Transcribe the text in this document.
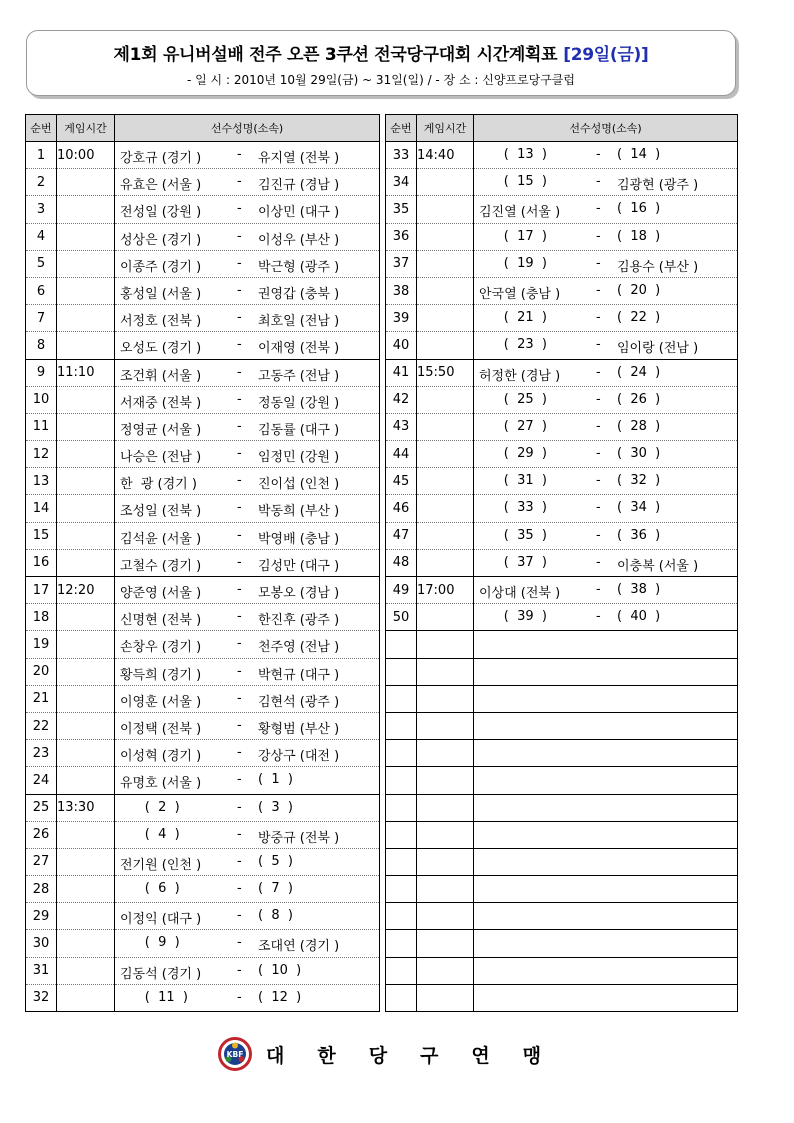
제1회 유니버설배 전주 오픈 3쿠션 전국당구대회 시간계획표 [29일(금)]
- 일 시 : 2010년 10월 29일(금) ~ 31일(일) / - 장 소 : 신양프로당구클럽
순번	게임시간	선수성명(소속)
1	10:00	강호규 (경기 ) - 유지열 (전북 )

2		유효은 (서울 ) - 김진규 (경남 )

3		전성일 (강원 ) - 이상민 (대구 )

4		성상은 (경기 ) - 이성우 (부산 )

5		이종주 (경기 ) - 박근형 (광주 )

6		홍성일 (서울 ) - 권영갑 (충북 )

7		서정호 (전북 ) - 최호일 (전남 )

8		오성도 (경기 ) - 이재영 (전북 )

9	11:10	조건휘 (서울 ) - 고동주 (전남 )

10		서재중 (전북 ) - 정동일 (강원 )

11		정영균 (서울 ) - 김동률 (대구 )

12		나승은 (전남 ) - 임정민 (강원 )

13		한  광 (경기 ) - 진이섭 (인천 )

14		조성일 (전북 ) - 박동희 (부산 )

15		김석윤 (서울 ) - 박영배 (충남 )

16		고철수 (경기 ) - 김성만 (대구 )

17	12:20	양준영 (서울 ) - 모봉오 (경남 )

18		신명현 (전북 ) - 한진후 (광주 )

19		손창우 (경기 ) - 천주영 (전남 )

20		황득희 (경기 ) - 박현규 (대구 )

21		이영훈 (서울 ) - 김현석 (광주 )

22		이정택 (전북 ) - 황형범 (부산 )

23		이성혁 (경기 ) - 강상구 (대전 )

24		유명호 (서울 ) - (  1  )

25	13:30	(  2  ) - (  3  )

26		(  4  ) - 방중규 (전북 )

27		전기원 (인천 ) - (  5  )

28		(  6  ) - (  7  )

29		이정익 (대구 ) - (  8  )

30		(  9  ) - 조대연 (경기 )

31		김동석 (경기 ) - (  10  )

32		(  11  ) - (  12  )
순번	게임시간	선수성명(소속)
33	14:40	(  13  ) - (  14  )

34		(  15  ) - 김광현 (광주 )

35		김진열 (서울 ) - (  16  )

36		(  17  ) - (  18  )

37		(  19  ) - 김용수 (부산 )

38		안국열 (충남 ) - (  20  )

39		(  21  ) - (  22  )

40		(  23  ) - 임이랑 (전남 )

41	15:50	허정한 (경남 ) - (  24  )

42		(  25  ) - (  26  )

43		(  27  ) - (  28  )

44		(  29  ) - (  30  )

45		(  31  ) - (  32  )

46		(  33  ) - (  34  )

47		(  35  ) - (  36  )

48		(  37  ) - 이충복 (서울 )

49	17:00	이상대 (전북 ) - (  38  )

50		(  39  ) - (  40  )

KBF 대한당구연맹
